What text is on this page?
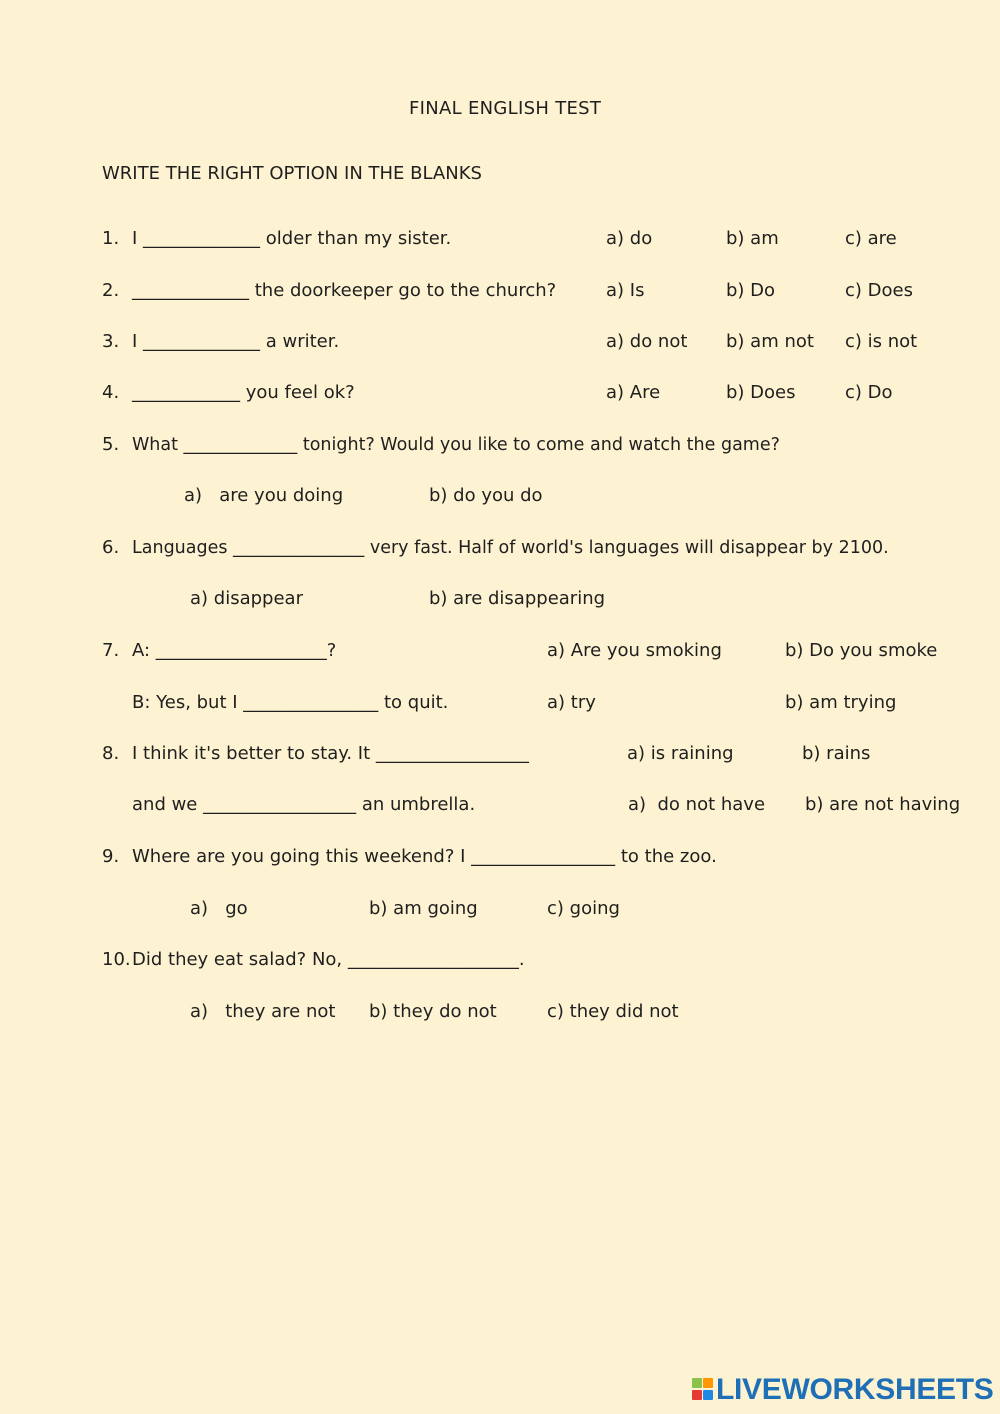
FINAL ENGLISH TEST
WRITE THE RIGHT OPTION IN THE BLANKS
1. I _____________ older than my sister.	a) do	b) am	c) are
2. _____________ the doorkeeper go to the church?	a) Is	b) Do	c) Does
3. I _____________ a writer.	a) do not b) am not c) is not
4. ____________ you feel ok?	a) Are	b) Does	c) Do
5. What _____________ tonight? Would you like to come and watch the game?
a)   are you doing	b) do you do
6. Languages _______________ very fast. Half of world's languages will disappear by 2100.
a) disappear	b) are disappearing
7. A: ___________________?	a) Are you smoking	b) Do you smoke
B: Yes, but I _______________ to quit.	a) try	b) am trying
8. I think it's better to stay. It _________________	a) is raining	b) rains
and we _________________ an umbrella.	a)  do not have b) are not having
9. Where are you going this weekend? I ________________ to the zoo.
a)   go	b) am going	c) going
10. Did they eat salad? No, ___________________.
a)   they are not b) they do not	c) they did not
LIVEWORKSHEETS
